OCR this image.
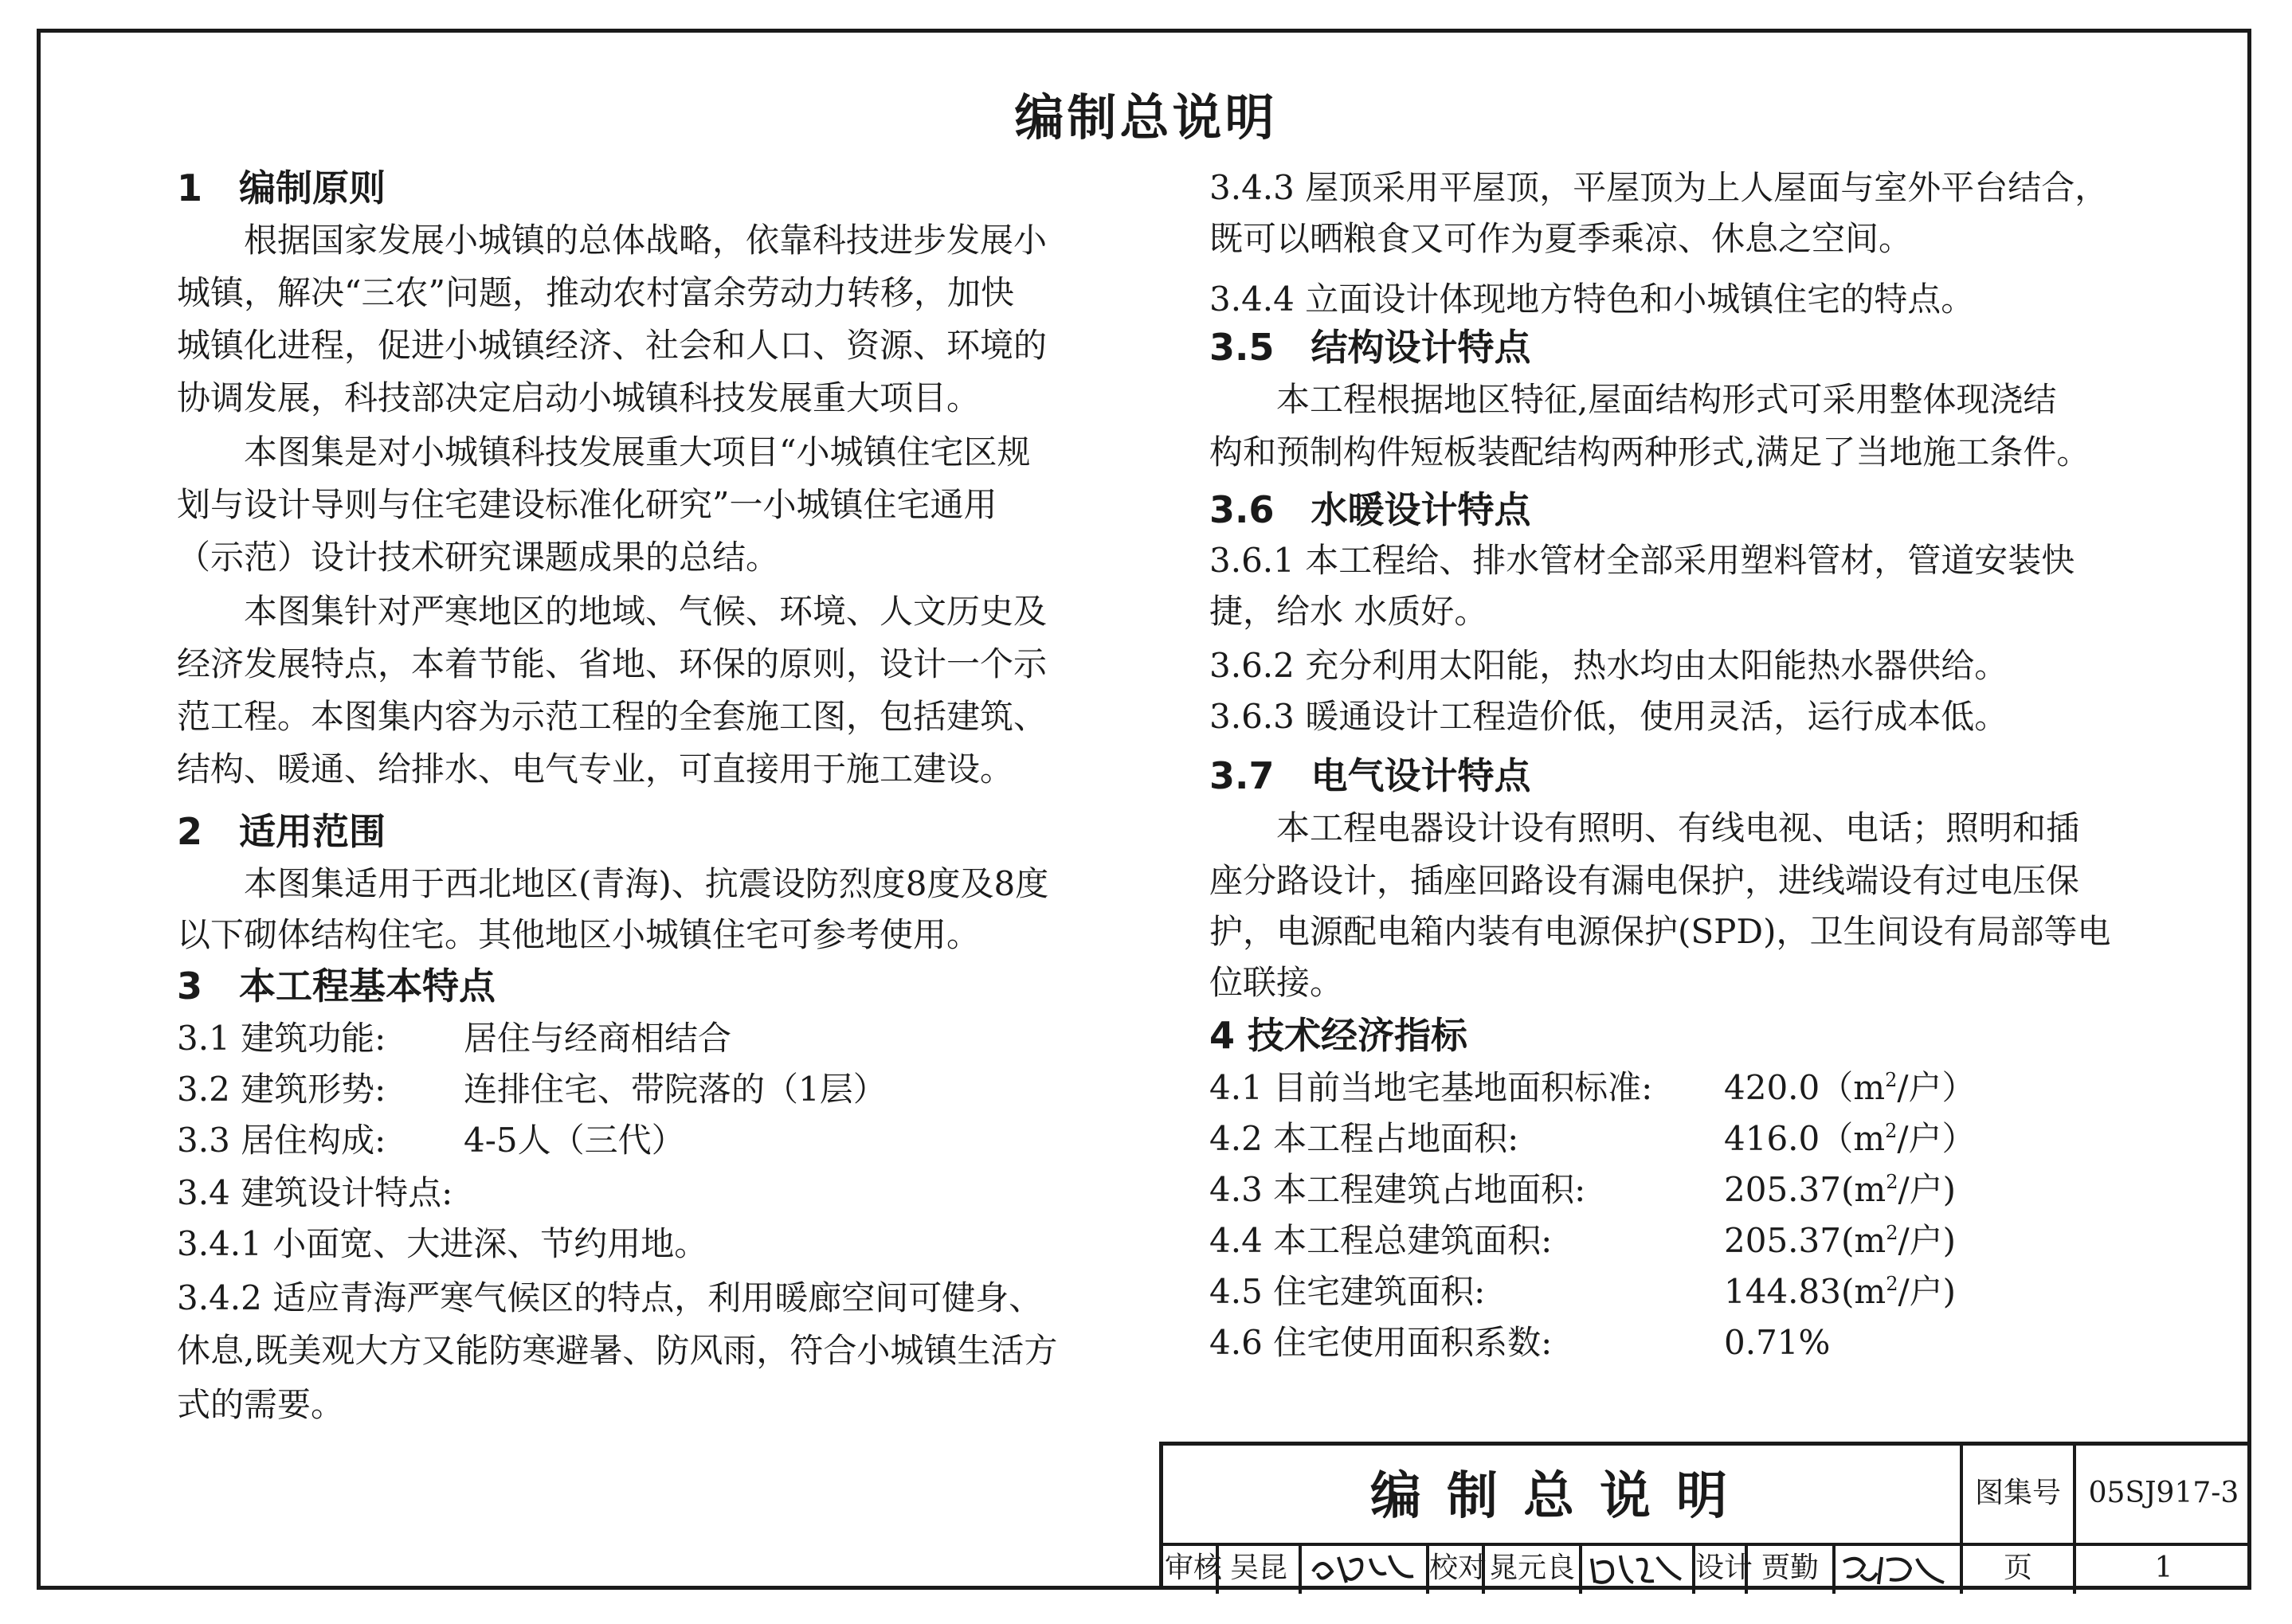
编制总说明
1　编制原则
　　根据国家发展小城镇的总体战略，依靠科技进步发展小
城镇，解决“三农”问题，推动农村富余劳动力转移，加快
城镇化进程，促进小城镇经济、社会和人口、资源、环境的
协调发展，科技部决定启动小城镇科技发展重大项目。
　　本图集是对小城镇科技发展重大项目“小城镇住宅区规
划与设计导则与住宅建设标准化研究”一小城镇住宅通用
（示范）设计技术研究课题成果的总结。
　　本图集针对严寒地区的地域、气候、环境、人文历史及
经济发展特点，本着节能、省地、环保的原则，设计一个示
范工程。本图集内容为示范工程的全套施工图，包括建筑、
结构、暖通、给排水、电气专业，可直接用于施工建设。
2　适用范围
　　本图集适用于西北地区(青海)、抗震设防烈度8度及8度
以下砌体结构住宅。其他地区小城镇住宅可参考使用。
3　本工程基本特点
3.1 建筑功能: 居住与经商相结合
3.2 建筑形势: 连排住宅、带院落的（1层）
3.3 居住构成: 4-5人（三代）
3.4 建筑设计特点:
3.4.1 小面宽、大进深、节约用地。
3.4.2 适应青海严寒气候区的特点，利用暖廊空间可健身、
休息,既美观大方又能防寒避暑、防风雨，符合小城镇生活方
式的需要。
3.4.3 屋顶采用平屋顶，平屋顶为上人屋面与室外平台结合，
既可以晒粮食又可作为夏季乘凉、休息之空间。
3.4.4 立面设计体现地方特色和小城镇住宅的特点。
3.5　结构设计特点
　　本工程根据地区特征,屋面结构形式可采用整体现浇结
构和预制构件短板装配结构两种形式,满足了当地施工条件。
3.6　水暖设计特点
3.6.1 本工程给、排水管材全部采用塑料管材，管道安装快
捷，给水 水质好。
3.6.2 充分利用太阳能，热水均由太阳能热水器供给。
3.6.3 暖通设计工程造价低，使用灵活，运行成本低。
3.7　电气设计特点
　　本工程电器设计设有照明、有线电视、电话；照明和插
座分路设计，插座回路设有漏电保护，进线端设有过电压保
护，电源配电箱内装有电源保护(SPD)，卫生间设有局部等电
位联接。
4 技术经济指标
4.1 目前当地宅基地面积标准: $420.0(m^2/$户）
4.2 本工程占地面积:	$416.0(m^2/$户）
4.3 本工程建筑占地面积:	$205.37(m^2/$户)
4.4 本工程总建筑面积:	$205.37(m^2/$户)
4.5 住宅建筑面积:	$144.83(m^2/$户)
4.6 住宅使用面积系数:	0.71%
编制总说明	图集号 05SJ917-3
审核 吴昆	校对 晁元良	设计 贾勤	页	1
